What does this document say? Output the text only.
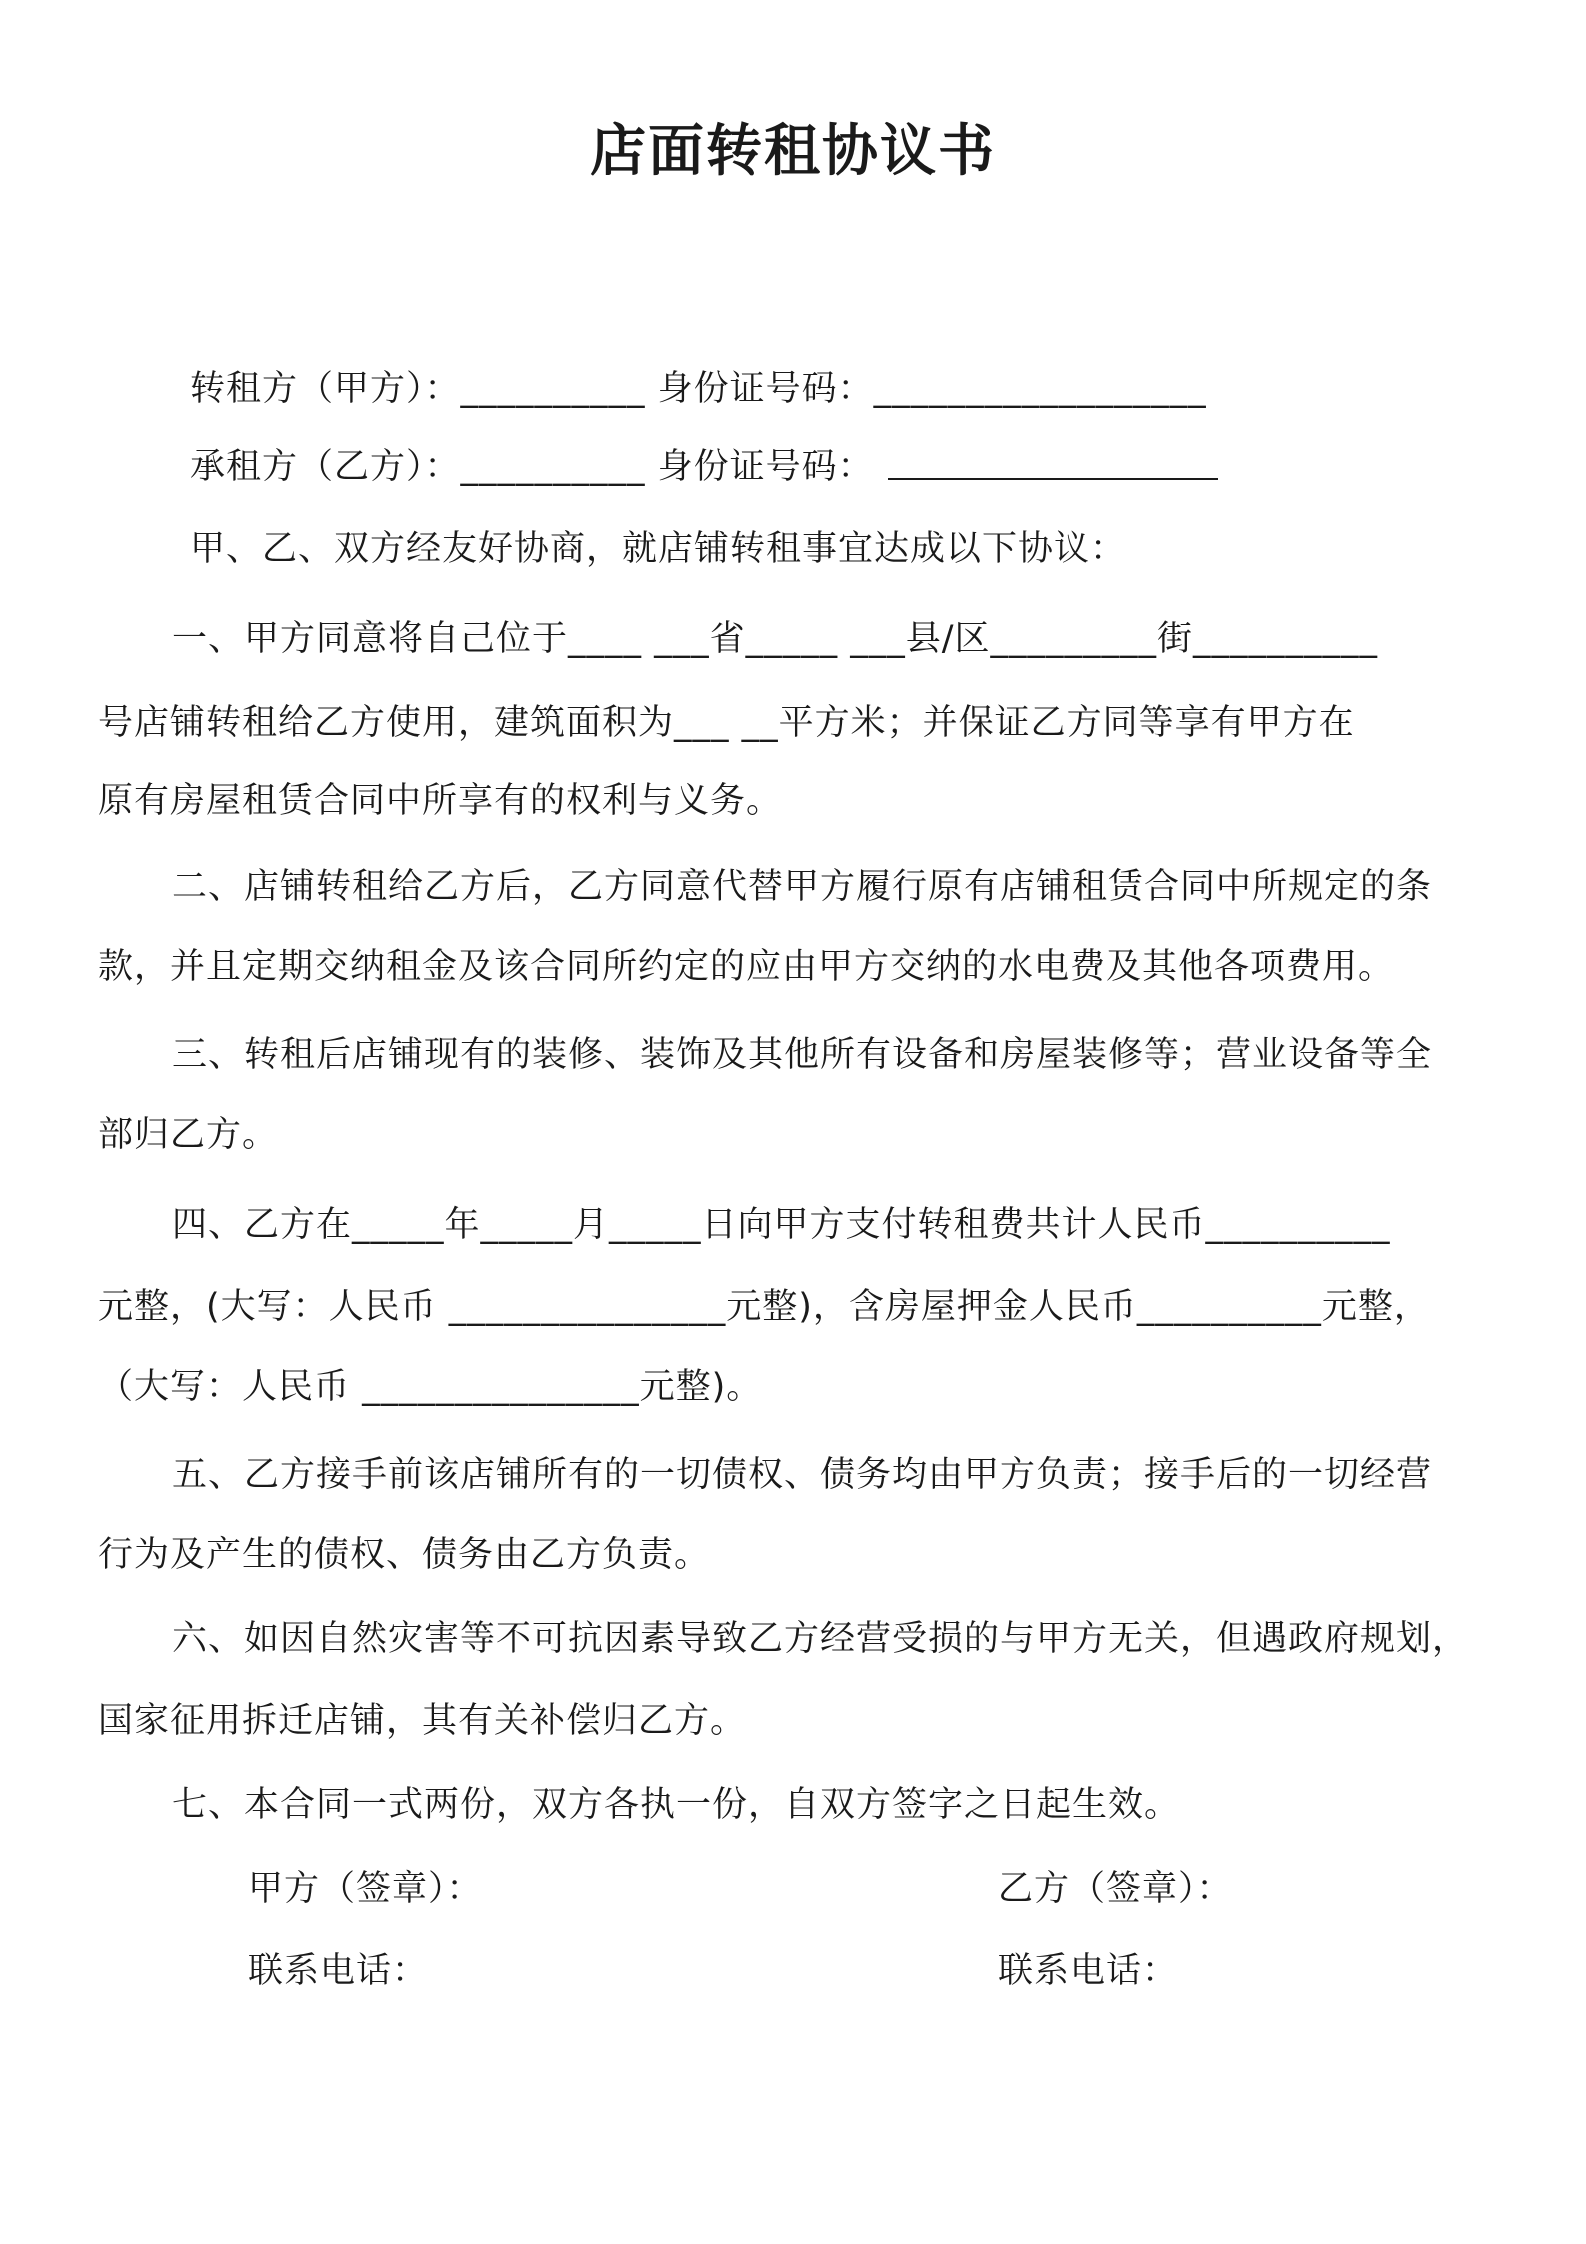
店面转租协议书
转租方（甲方）：__________ 身份证号码：__________________
承租方（乙方）：__________ 身份证号码：
甲、乙、双方经友好协商，就店铺转租事宜达成以下协议：
一、甲方同意将自己位于____ ___省_____ ___县/区_________街__________
号店铺转租给乙方使用，建筑面积为___ __平方米；并保证乙方同等享有甲方在
原有房屋租赁合同中所享有的权利与义务。
二、店铺转租给乙方后，乙方同意代替甲方履行原有店铺租赁合同中所规定的条
款，并且定期交纳租金及该合同所约定的应由甲方交纳的水电费及其他各项费用。
三、转租后店铺现有的装修、装饰及其他所有设备和房屋装修等；营业设备等全
部归乙方。
四、乙方在_____年_____月_____日向甲方支付转租费共计人民币__________
元整，(大写：人民币 _______________元整)，含房屋押金人民币__________元整，
（大写：人民币 _______________元整)。
五、乙方接手前该店铺所有的一切债权、债务均由甲方负责；接手后的一切经营
行为及产生的债权、债务由乙方负责。
六、如因自然灾害等不可抗因素导致乙方经营受损的与甲方无关，但遇政府规划，
国家征用拆迁店铺，其有关补偿归乙方。
七、本合同一式两份，双方各执一份，自双方签字之日起生效。
甲方（签章）：	乙方（签章）：
联系电话：	联系电话：
